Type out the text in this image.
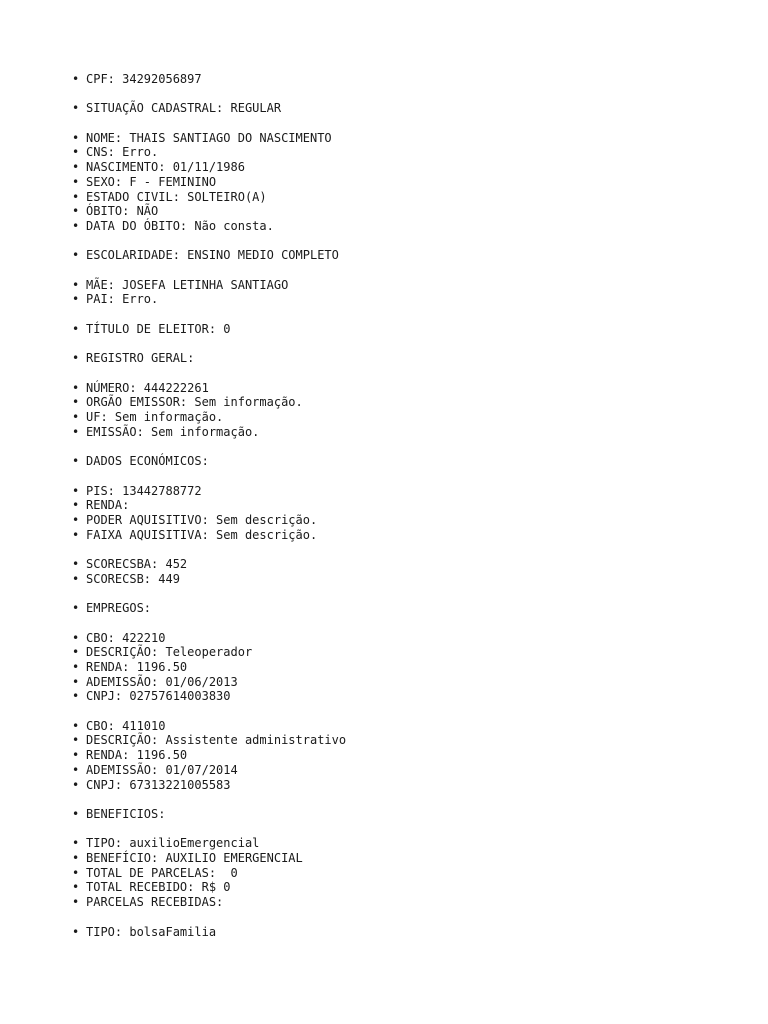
• CPF: 34292056897
• SITUAÇÃO CADASTRAL: REGULAR
• NOME: THAIS SANTIAGO DO NASCIMENTO
• CNS: Erro.
• NASCIMENTO: 01/11/1986
• SEXO: F - FEMININO
• ESTADO CIVIL: SOLTEIRO(A)
• ÓBITO: NÃO
• DATA DO ÓBITO: Não consta.
• ESCOLARIDADE: ENSINO MEDIO COMPLETO
• MÃE: JOSEFA LETINHA SANTIAGO
• PAI: Erro.
• TÍTULO DE ELEITOR: 0
• REGISTRO GERAL:
• NÚMERO: 444222261
• ORGÃO EMISSOR: Sem informação.
• UF: Sem informação.
• EMISSÃO: Sem informação.
• DADOS ECONÓMICOS:
• PIS: 13442788772
• RENDA:
• PODER AQUISITIVO: Sem descrição.
• FAIXA AQUISITIVA: Sem descrição.
• SCORECSBA: 452
• SCORECSB: 449
• EMPREGOS:
• CBO: 422210
• DESCRIÇÃO: Teleoperador
• RENDA: 1196.50
• ADEMISSÃO: 01/06/2013
• CNPJ: 02757614003830
• CBO: 411010
• DESCRIÇÃO: Assistente administrativo
• RENDA: 1196.50
• ADEMISSÃO: 01/07/2014
• CNPJ: 67313221005583
• BENEFICIOS:
• TIPO: auxilioEmergencial
• BENEFÍCIO: AUXILIO EMERGENCIAL
• TOTAL DE PARCELAS:  0
• TOTAL RECEBIDO: R$ 0
• PARCELAS RECEBIDAS:
• TIPO: bolsaFamilia
